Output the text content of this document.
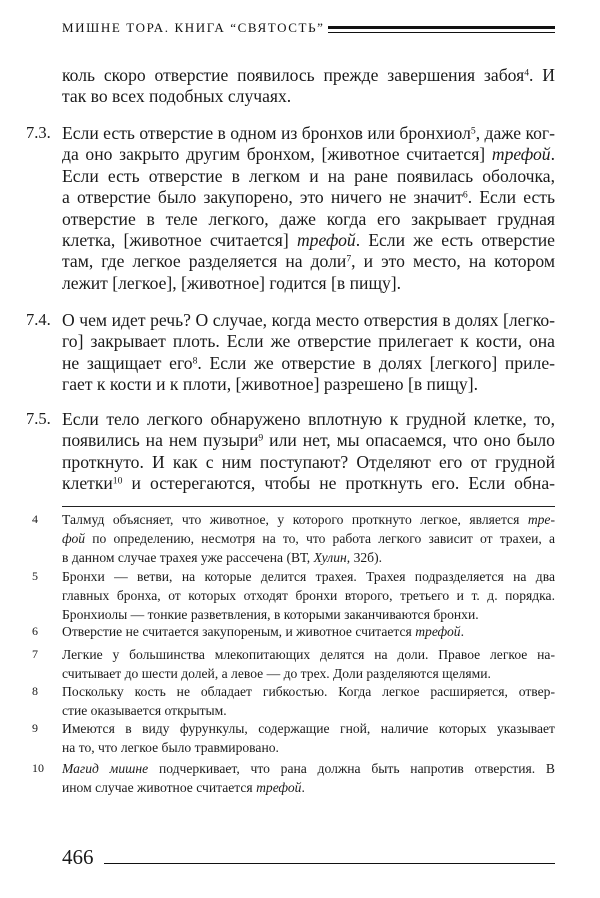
МИШНЕ ТОРА. КНИГА “СВЯТОСТЬ”
коль скоро отверстие появилось прежде завершения забоя$^4$. И
так во всех подобных случаях.
7.3. Если есть отверстие в одном из бронхов или бронхиол$^5$, даже ког-
да оно закрыто другим бронхом, [животное считается] трефой.
Если есть отверстие в легком и на ране появилась оболочка,
а отверстие было закупорено, это ничего не значит$^6$. Если есть
отверстие в теле легкого, даже когда его закрывает грудная
клетка, [животное считается] трефой. Если же есть отверстие
там, где легкое разделяется на доли$^7$, и это место, на котором
лежит [легкое], [животное] годится [в пищу].
7.4. О чем идет речь? О случае, когда место отверстия в долях [легко-
го] закрывает плоть. Если же отверстие прилегает к кости, она
не защищает его$^8$. Если же отверстие в долях [легкого] приле-
гает к кости и к плоти, [животное] разрешено [в пищу].
7.5. Если тело легкого обнаружено вплотную к грудной клетке, то,
появились на нем пузыри$^9$ или нет, мы опасаемся, что оно было
проткнуто. И как с ним поступают? Отделяют его от грудной
клетки$^{10}$ и остерегаются, чтобы не проткнуть его. Если обна-
4 Талмуд объясняет, что животное, у которого проткнуто легкое, является тре-
фой по определению, несмотря на то, что работа легкого зависит от трахеи, а
в данном случае трахея уже рассечена (ВТ, Хулин, 32б).
5 Бронхи — ветви, на которые делится трахея. Трахея подразделяется на два
главных бронха, от которых отходят бронхи второго, третьего и т. д. порядка.
Бронхиолы — тонкие разветвления, в которыми заканчиваются бронхи.
6 Отверстие не считается закупореным, и животное считается трефой.
7 Легкие у большинства млекопитающих делятся на доли. Правое легкое на-
считывает до шести долей, а левое — до трех. Доли разделяются щелями.
8 Поскольку кость не обладает гибкостью. Когда легкое расширяется, отвер-
стие оказывается открытым.
9 Имеются в виду фурункулы, содержащие гной, наличие которых указывает
на то, что легкое было травмировано.
10 Магид мишне подчеркивает, что рана должна быть напротив отверстия. В
ином случае животное считается трефой.
466
